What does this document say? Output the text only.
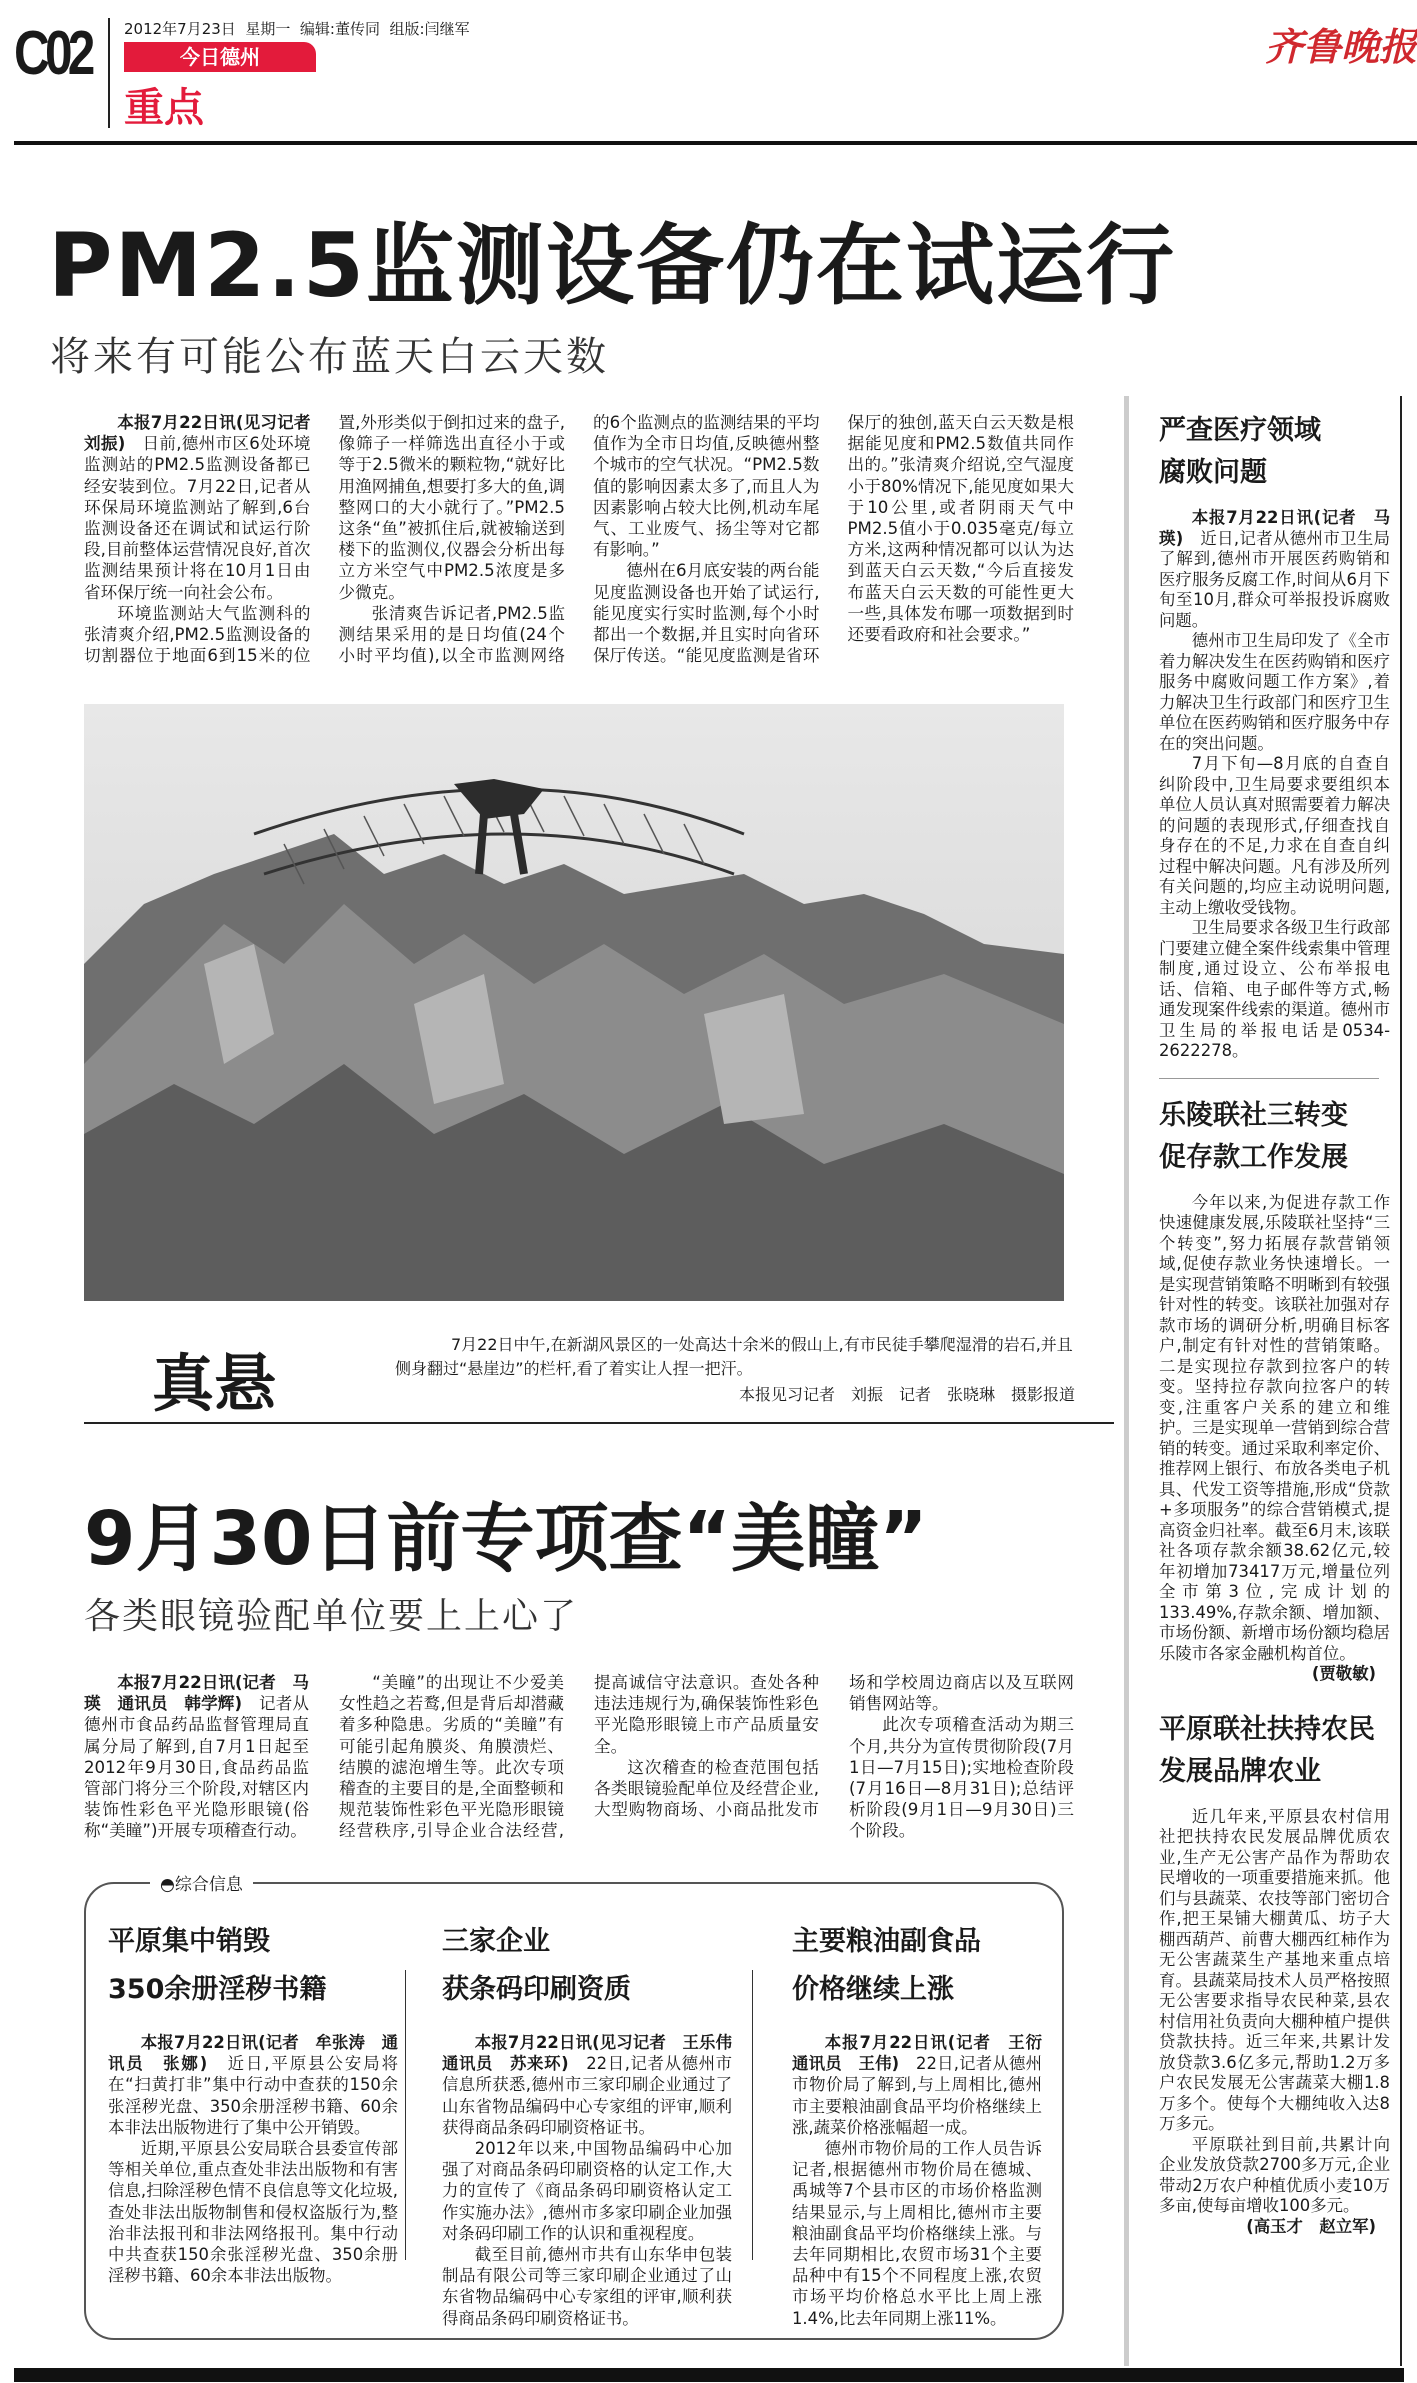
C02 2012年7月23日 星期一 编辑:董传同 组版:闫继军
今日德州
重点
齐鲁晚报
PM2.5监测设备仍在试运行
将来有可能公布蓝天白云天数

本报7月22日讯(见习记者　刘振)　 日前,德州市区6处环境监测站的PM2.5监测设备都已经安装到位。7月22日,记者从环保局环境监测站了解到,6台监测设备还在调试和试运行阶段,目前整体运营情况良好,首次监测结果预计将在10月1日由省环保厅统一向社会公布。

环境监测站大气监测科的张清爽介绍,PM2.5监测设备的切割器位于地面6到15米的位置,外形类似于倒扣过来的盘子,像筛子一样筛选出直径小于或等于2.5微米的颗粒物,“就好比用渔网捕鱼,想要打多大的鱼,调整网口的大小就行了。”PM2.5这条“鱼”被抓住后,就被输送到楼下的监测仪,仪器会分析出每立方米空气中PM2.5浓度是多少微克。

张清爽告诉记者,PM2.5监测结果采用的是日均值(24个小时平均值),以全市监测网络的6个监测点的监测结果的平均值作为全市日均值,反映德州整个城市的空气状况。“PM2.5数值的影响因素太多了,而且人为因素影响占较大比例,机动车尾气、工业废气、扬尘等对它都有影响。”

德州在6月底安装的两台能见度监测设备也开始了试运行,能见度实行实时监测,每个小时都出一个数据,并且实时向省环保厅传送。“能见度监测是省环保厅的独创,蓝天白云天数是根据能见度和PM2.5数值共同作出的。”张清爽介绍说,空气湿度小于80%情况下,能见度如果大于10公里,或者阴雨天气中PM2.5值小于0.035毫克/每立方米,这两种情况都可以认为达到蓝天白云天数,“今后直接发布蓝天白云天数的可能性更大一些,具体发布哪一项数据到时还要看政府和社会要求。”

真悬

7月22日中午,在新湖风景区的一处高达十余米的假山上,有市民徒手攀爬湿滑的岩石,并且侧身翻过“悬崖边”的栏杆,看了着实让人捏一把汗。

本报见习记者　刘振　记者　张晓琳　摄影报道
9月30日前专项查“美瞳”
各类眼镜验配单位要上上心了

本报7月22日讯(记者　马瑛　通讯员　韩学辉)　 记者从德州市食品药品监督管理局直属分局了解到,自7月1日起至2012年9月30日,食品药品监管部门将分三个阶段,对辖区内装饰性彩色平光隐形眼镜(俗称“美瞳”)开展专项稽查行动。

“美瞳”的出现让不少爱美女性趋之若鹜,但是背后却潜藏着多种隐患。劣质的“美瞳”有可能引起角膜炎、角膜溃烂、结膜的滤泡增生等。此次专项稽查的主要目的是,全面整顿和规范装饰性彩色平光隐形眼镜经营秩序,引导企业合法经营,提高诚信守法意识。查处各种违法违规行为,确保装饰性彩色平光隐形眼镜上市产品质量安全。

这次稽查的检查范围包括各类眼镜验配单位及经营企业,大型购物商场、小商品批发市场和学校周边商店以及互联网销售网站等。

此次专项稽查活动为期三个月,共分为宣传贯彻阶段(7月1日—7月15日);实地检查阶段(7月16日—8月31日);总结评析阶段(9月1日—9月30日)三个阶段。

◓综合信息
平原集中销毁
350余册淫秽书籍

本报7月22日讯(记者　牟张涛　通讯员　张娜)　 近日,平原县公安局将在“扫黄打非”集中行动中查获的150余张淫秽光盘、350余册淫秽书籍、60余本非法出版物进行了集中公开销毁。

近期,平原县公安局联合县委宣传部等相关单位,重点查处非法出版物和有害信息,扫除淫秽色情不良信息等文化垃圾,查处非法出版物制售和侵权盗版行为,整治非法报刊和非法网络报刊。集中行动中共查获150余张淫秽光盘、350余册淫秽书籍、60余本非法出版物。

三家企业
获条码印刷资质

本报7月22日讯(见习记者　王乐伟　通讯员　苏来环)　 22日,记者从德州市信息所获悉,德州市三家印刷企业通过了山东省物品编码中心专家组的评审,顺利获得商品条码印刷资格证书。

2012年以来,中国物品编码中心加强了对商品条码印刷资格的认定工作,大力的宣传了《商品条码印刷资格认定工作实施办法》,德州市多家印刷企业加强对条码印刷工作的认识和重视程度。

截至目前,德州市共有山东华申包装制品有限公司等三家印刷企业通过了山东省物品编码中心专家组的评审,顺利获得商品条码印刷资格证书。

主要粮油副食品
价格继续上涨

本报7月22日讯(记者　王衍　通讯员　王伟)　 22日,记者从德州市物价局了解到,与上周相比,德州市主要粮油副食品平均价格继续上涨,蔬菜价格涨幅超一成。

德州市物价局的工作人员告诉记者,根据德州市物价局在德城、禹城等7个县市区的市场价格监测结果显示,与上周相比,德州市主要粮油副食品平均价格继续上涨。与去年同期相比,农贸市场31个主要品种中有15个不同程度上涨,农贸市场平均价格总水平比上周上涨1.4%,比去年同期上涨11%。

严查医疗领域
腐败问题

本报7月22日讯(记者　马瑛)　 近日,记者从德州市卫生局了解到,德州市开展医药购销和医疗服务反腐工作,时间从6月下旬至10月,群众可举报投诉腐败问题。

德州市卫生局印发了《全市着力解决发生在医药购销和医疗服务中腐败问题工作方案》,着力解决卫生行政部门和医疗卫生单位在医药购销和医疗服务中存在的突出问题。

7月下旬—8月底的自查自纠阶段中,卫生局要求要组织本单位人员认真对照需要着力解决的问题的表现形式,仔细查找自身存在的不足,力求在自查自纠过程中解决问题。凡有涉及所列有关问题的,均应主动说明问题,主动上缴收受钱物。

卫生局要求各级卫生行政部门要建立健全案件线索集中管理制度,通过设立、公布举报电话、信箱、电子邮件等方式,畅通发现案件线索的渠道。德州市卫生局的举报电话是0534-2622278。

乐陵联社三转变
促存款工作发展

今年以来,为促进存款工作快速健康发展,乐陵联社坚持“三个转变”,努力拓展存款营销领域,促使存款业务快速增长。一是实现营销策略不明晰到有较强针对性的转变。该联社加强对存款市场的调研分析,明确目标客户,制定有针对性的营销策略。二是实现拉存款到拉客户的转变。坚持拉存款向拉客户的转变,注重客户关系的建立和维护。三是实现单一营销到综合营销的转变。通过采取利率定价、推荐网上银行、布放各类电子机具、代发工资等措施,形成“贷款+多项服务”的综合营销模式,提高资金归社率。截至6月末,该联社各项存款余额38.62亿元,较年初增加73417万元,增量位列全市第3位,完成计划的133.49%,存款余额、增加额、市场份额、新增市场份额均稳居乐陵市各家金融机构首位。

(贾敬敏)
平原联社扶持农民
发展品牌农业

近几年来,平原县农村信用社把扶持农民发展品牌优质农业,生产无公害产品作为帮助农民增收的一项重要措施来抓。他们与县蔬菜、农技等部门密切合作,把王杲铺大棚黄瓜、坊子大棚西葫芦、前曹大棚西红柿作为无公害蔬菜生产基地来重点培育。县蔬菜局技术人员严格按照无公害要求指导农民种菜,县农村信用社负责向大棚种植户提供贷款扶持。近三年来,共累计发放贷款3.6亿多元,帮助1.2万多户农民发展无公害蔬菜大棚1.8万多个。使每个大棚纯收入达8万多元。

平原联社到目前,共累计向企业发放贷款2700多万元,企业带动2万农户种植优质小麦10万多亩,使每亩增收100多元。

(高玉才　赵立军)
